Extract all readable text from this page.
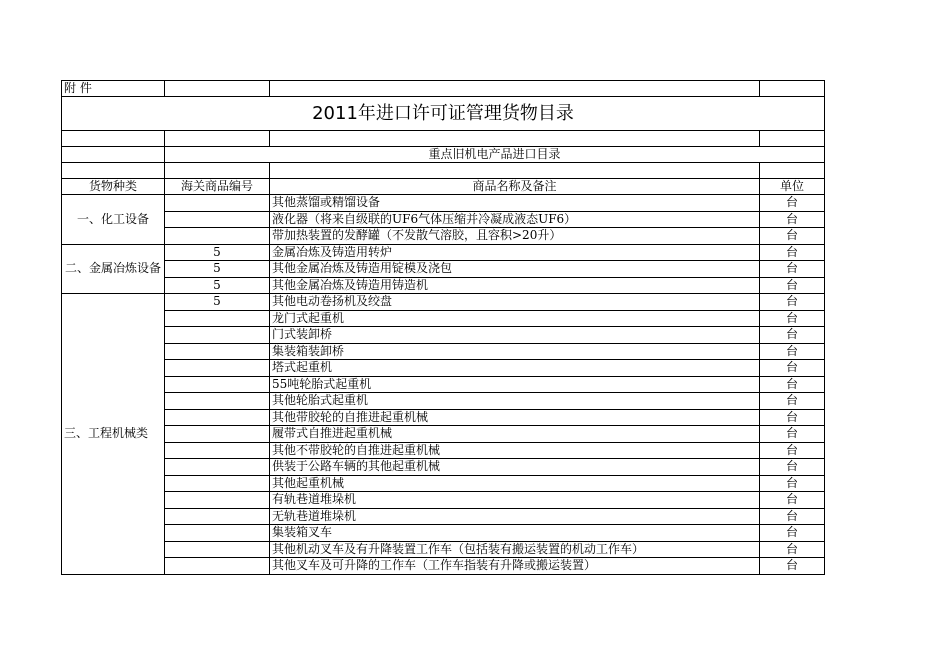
附 件			
2011年进口许可证管理货物目录			

	重点旧机电产品进口目录		

货物种类	海关商品编号	商品名称及备注	单位
一、化工设备		其他蒸馏或精馏设备	台
		液化器（将来自级联的UF6气体压缩并冷凝成液态UF6）	台
		带加热装置的发酵罐（不发散气溶胶，且容积>20升）	台
二、金属冶炼设备	5	金属冶炼及铸造用转炉	台
	5	其他金属冶炼及铸造用锭模及浇包	台
	5	其他金属冶炼及铸造用铸造机	台
三、工程机械类	5	其他电动卷扬机及绞盘	台
		龙门式起重机	台
		门式装卸桥	台
		集装箱装卸桥	台
		塔式起重机	台
		55吨轮胎式起重机	台
		其他轮胎式起重机	台
		其他带胶轮的自推进起重机械	台
		履带式自推进起重机械	台
		其他不带胶轮的自推进起重机械	台
		供装于公路车辆的其他起重机械	台
		其他起重机械	台
		有轨巷道堆垛机	台
		无轨巷道堆垛机	台
		集装箱叉车	台
		其他机动叉车及有升降装置工作车（包括装有搬运装置的机动工作车）	台
		其他叉车及可升降的工作车（工作车指装有升降或搬运装置）	台
